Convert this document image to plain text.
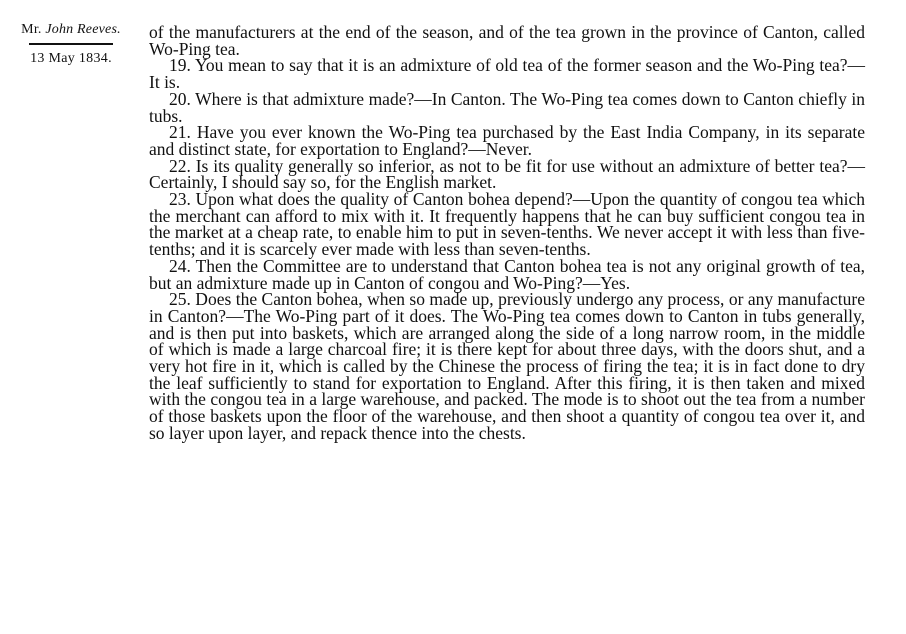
Mr. John Reeves.
13 May 1834.

of the manufacturers at the end of the season, and of the tea grown in the province of Canton, called Wo-Ping tea.

19. You mean to say that it is an admixture of old tea of the former season and the Wo-Ping tea?—It is.

20. Where is that admixture made?—In Canton. The Wo-Ping tea comes down to Canton chiefly in tubs.

21. Have you ever known the Wo-Ping tea purchased by the East India Company, in its separate and distinct state, for exportation to England?—Never.

22. Is its quality generally so inferior, as not to be fit for use without an admixture of better tea?—Certainly, I should say so, for the English market.

23. Upon what does the quality of Canton bohea depend?—Upon the quantity of congou tea which the merchant can afford to mix with it. It frequently happens that he can buy sufficient congou tea in the market at a cheap rate, to enable him to put in seven-tenths. We never accept it with less than five-tenths; and it is scarcely ever made with less than seven-tenths.

24. Then the Committee are to understand that Canton bohea tea is not any original growth of tea, but an admixture made up in Canton of congou and Wo-Ping?—Yes.

25. Does the Canton bohea, when so made up, previously undergo any process, or any manufacture in Canton?—The Wo-Ping part of it does. The Wo-Ping tea comes down to Canton in tubs generally, and is then put into baskets, which are arranged along the side of a long narrow room, in the middle of which is made a large charcoal fire; it is there kept for about three days, with the doors shut, and a very hot fire in it, which is called by the Chinese the process of firing the tea; it is in fact done to dry the leaf sufficiently to stand for exportation to England. After this firing, it is then taken and mixed with the congou tea in a large warehouse, and packed. The mode is to shoot out the tea from a number of those baskets upon the floor of the warehouse, and then shoot a quantity of congou tea over it, and so layer upon layer, and repack thence into the chests.
